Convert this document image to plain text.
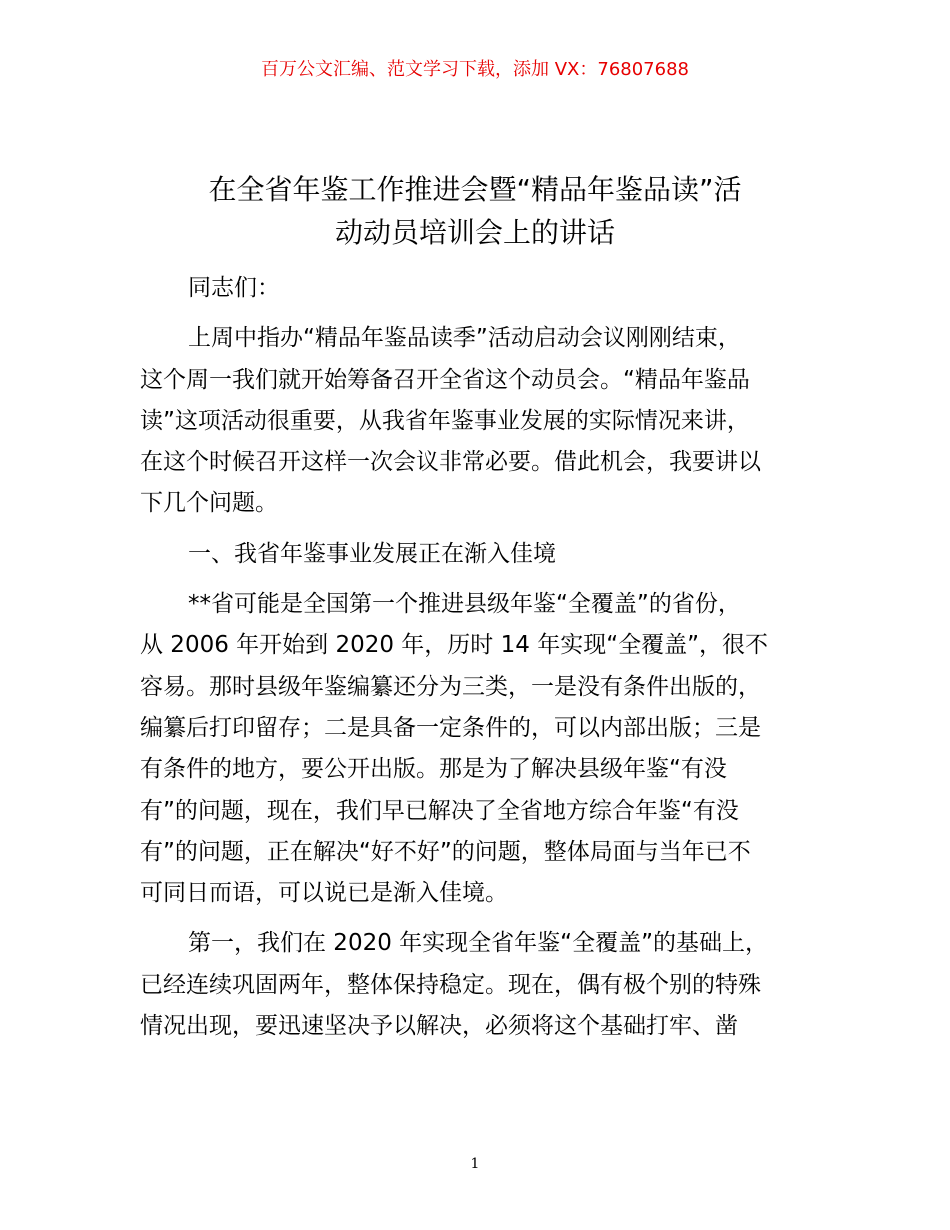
百万公文汇编、范文学习下载，添加 VX：76807688
在全省年鉴工作推进会暨“精品年鉴品读”活
动动员培训会上的讲话

同志们：

上周中指办“精品年鉴品读季”活动启动会议刚刚结束，
这个周一我们就开始筹备召开全省这个动员会。“精品年鉴品
读”这项活动很重要，从我省年鉴事业发展的实际情况来讲，
在这个时候召开这样一次会议非常必要。借此机会，我要讲以
下几个问题。

一、我省年鉴事业发展正在渐入佳境

**省可能是全国第一个推进县级年鉴“全覆盖”的省份，
从 2006 年开始到 2020 年，历时 14 年实现“全覆盖”，很不
容易。那时县级年鉴编纂还分为三类，一是没有条件出版的，
编纂后打印留存；二是具备一定条件的，可以内部出版；三是
有条件的地方，要公开出版。那是为了解决县级年鉴“有没
有”的问题，现在，我们早已解决了全省地方综合年鉴“有没
有”的问题，正在解决“好不好”的问题，整体局面与当年已不
可同日而语，可以说已是渐入佳境。

第一，我们在 2020 年实现全省年鉴“全覆盖”的基础上，
已经连续巩固两年，整体保持稳定。现在，偶有极个别的特殊
情况出现，要迅速坚决予以解决，必须将这个基础打牢、凿

1
